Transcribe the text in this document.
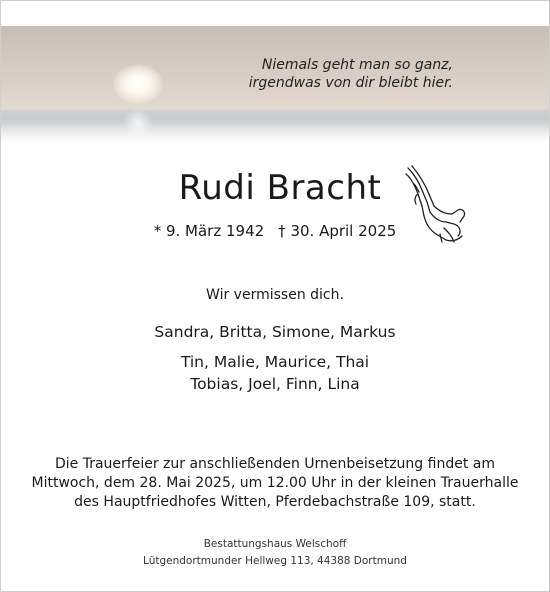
Niemals geht man so ganz,
irgendwas von dir bleibt hier.
Rudi Bracht
* 9. März 1942 † 30. April 2025
Wir vermissen dich.
Sandra, Britta, Simone, Markus
Tin, Malie, Maurice, Thai
Tobias, Joel, Finn, Lina
Die Trauerfeier zur anschließenden Urnenbeisetzung findet am
Mittwoch, dem 28. Mai 2025, um 12.00 Uhr in der kleinen Trauerhalle
des Hauptfriedhofes Witten, Pferdebachstraße 109, statt.
Bestattungshaus Welschoff
Lütgendortmunder Hellweg 113, 44388 Dortmund
